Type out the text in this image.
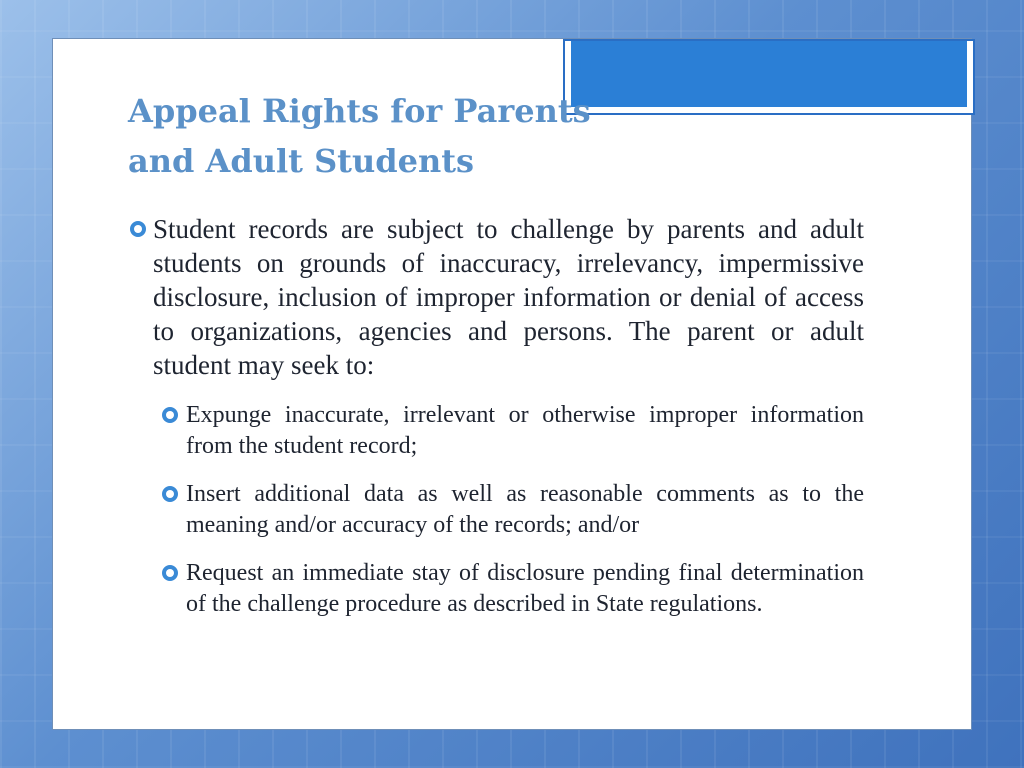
Appeal Rights for Parents
and Adult Students
Student records are subject to challenge by parents and adult students on grounds of inaccuracy, irrelevancy, impermissive disclosure, inclusion of improper information or denial of access to organizations, agencies and persons. The parent or adult student may seek to:
Expunge inaccurate, irrelevant or otherwise improper information from the student record;
Insert additional data as well as reasonable comments as to the meaning and/or accuracy of the records; and/or
Request an immediate stay of disclosure pending final determination of the challenge procedure as described in State regulations.
